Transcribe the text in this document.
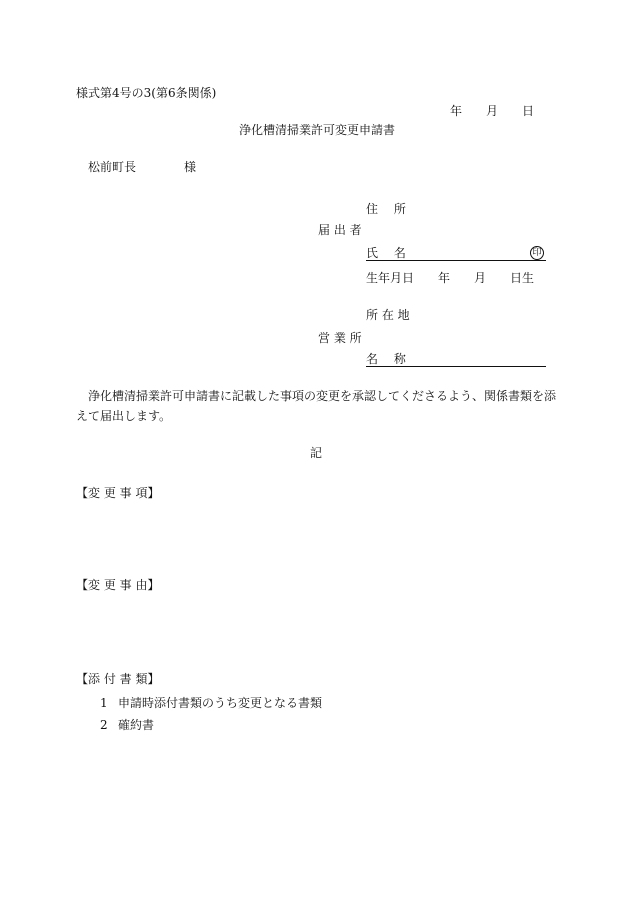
様式第4号の3(第6条関係)
年 月 日
浄化槽清掃業許可変更申請書
松前町長	様
住　 所
届 出 者
氏　 名	印
生年月日 年 月 日生
所 在 地
営 業 所
名　 称
浄化槽清掃業許可申請書に記載した事項の変更を承認してくださるよう、関係書類を添
えて届出します。
記
【変 更 事 項】
【変 更 事 由】
【添 付 書 類】
1 申請時添付書類のうち変更となる書類
2 確約書
